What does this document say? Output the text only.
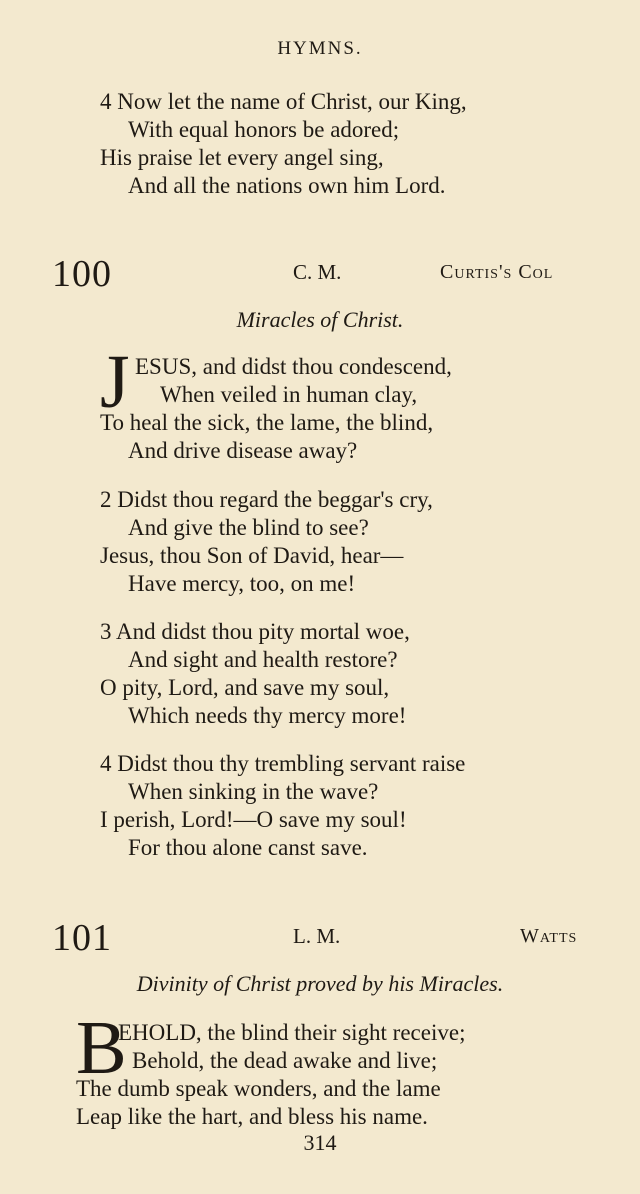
HYMNS.
4 Now let the name of Christ, our King,
With equal honors be adored;
His praise let every angel sing,
And all the nations own him Lord.
100	C. M.	Curtis's Col
Miracles of Christ.
J ESUS, and didst thou condescend,
When veiled in human clay,
To heal the sick, the lame, the blind,
And drive disease away?
2 Didst thou regard the beggar's cry,
And give the blind to see?
Jesus, thou Son of David, hear—
Have mercy, too, on me!
3 And didst thou pity mortal woe,
And sight and health restore?
O pity, Lord, and save my soul,
Which needs thy mercy more!
4 Didst thou thy trembling servant raise
When sinking in the wave?
I perish, Lord!—O save my soul!
For thou alone canst save.
101	L. M.	Watts
Divinity of Christ proved by his Miracles.
B
EHOLD, the blind their sight receive;
Behold, the dead awake and live;
The dumb speak wonders, and the lame
Leap like the hart, and bless his name.
314
